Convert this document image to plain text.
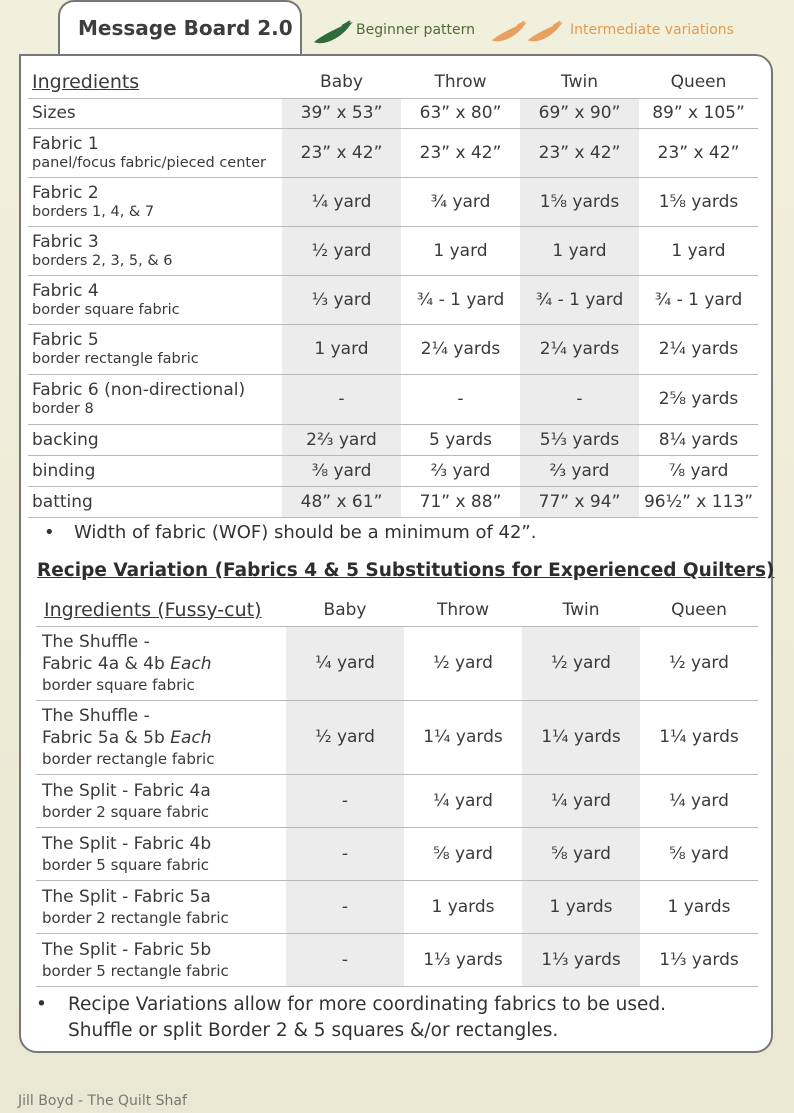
Message Board 2.0	Beginner pattern	Intermediate variations
Ingredients	Baby	Throw	Twin	Queen
Sizes	39” x 53”	63” x 80”	69” x 90”	89” x 105”
Fabric 1
panel/focus fabric/pieced center	23” x 42”	23” x 42”	23” x 42”	23” x 42”
Fabric 2
borders 1, 4, & 7	¼ yard	¾ yard	1⅝ yards	1⅝ yards
Fabric 3
borders 2, 3, 5, & 6	½ yard	1 yard	1 yard	1 yard
Fabric 4
border square fabric	⅓ yard	¾ - 1 yard	¾ - 1 yard	¾ - 1 yard
Fabric 5
border rectangle fabric	1 yard	2¼ yards	2¼ yards	2¼ yards
Fabric 6 (non-directional)
border 8	-	-	-	2⅝ yards
backing	2⅔ yard	5 yards	5⅓ yards	8¼ yards
binding	⅜ yard	⅔ yard	⅔ yard	⅞ yard
batting	48” x 61”	71” x 88”	77” x 94”	96½” x 113”
• Width of fabric (WOF) should be a minimum of 42”.
Recipe Variation (Fabrics 4 & 5 Substitutions for Experienced Quilters)
Ingredients (Fussy-cut)	Baby	Throw	Twin	Queen

The Shuffle -
Fabric 4a & 4b Each
border square fabric	¼ yard	½ yard	½ yard	½ yard

The Shuffle -
Fabric 5a & 5b Each
border rectangle fabric	½ yard	1¼ yards	1¼ yards	1¼ yards

The Split - Fabric 4a
border 2 square fabric	-	¼ yard	¼ yard	¼ yard

The Split - Fabric 4b
border 5 square fabric	-	⅝ yard	⅝ yard	⅝ yard

The Split - Fabric 5a
border 2 rectangle fabric	-	1 yards	1 yards	1 yards

The Split - Fabric 5b
border 5 rectangle fabric	-	1⅓ yards	1⅓ yards	1⅓ yards
• Recipe Variations allow for more coordinating fabrics to be used.
Shuffle or split Border 2 & 5 squares &/or rectangles.
Jill Boyd - The Quilt Shaf
